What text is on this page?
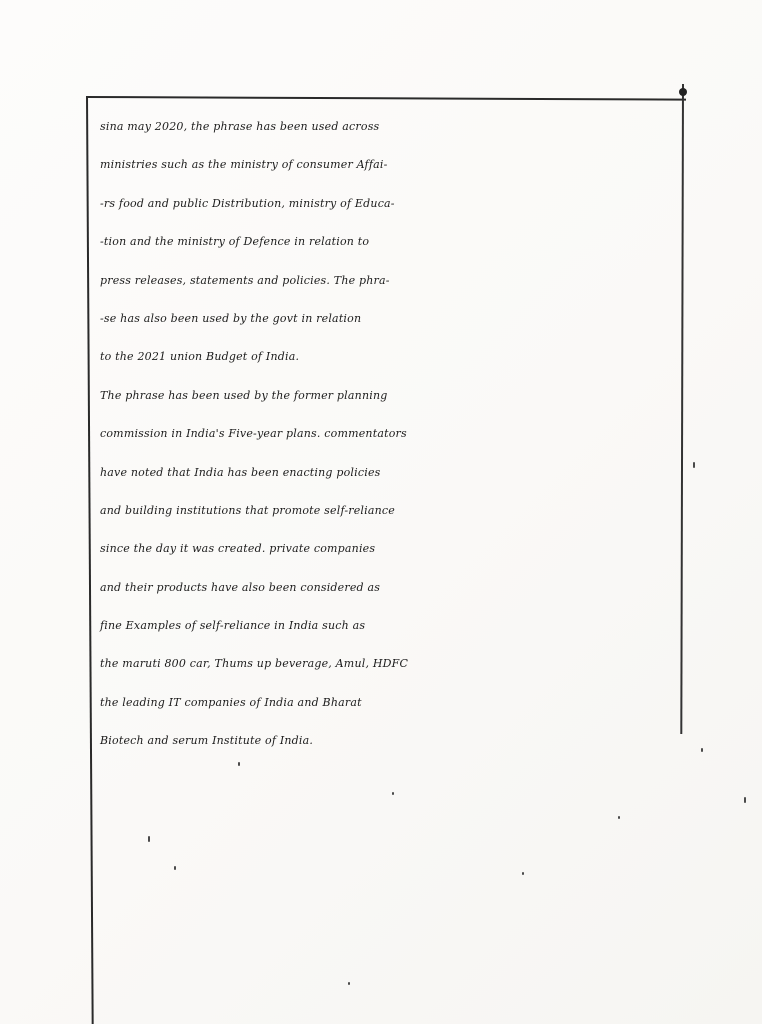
sina may 2020, the phrase has been used across
ministries such as the ministry of consumer Affai-
-rs food and public Distribution, ministry of Educa-
-tion and the ministry of Defence in relation to
press releases, statements and policies. The phra-
-se has also been used by the govt in relation
to the 2021 union Budget of India.
The phrase has been used by the former planning
commission in India's Five-year plans. commentators
have noted that India has been enacting policies
and building institutions that promote self-reliance
since the day it was created. private companies
and their products have also been considered as
fine Examples of self-reliance in India such as
the maruti 800 car, Thums up beverage, Amul, HDFC
the leading IT companies of India and Bharat
Biotech and serum Institute of India.
